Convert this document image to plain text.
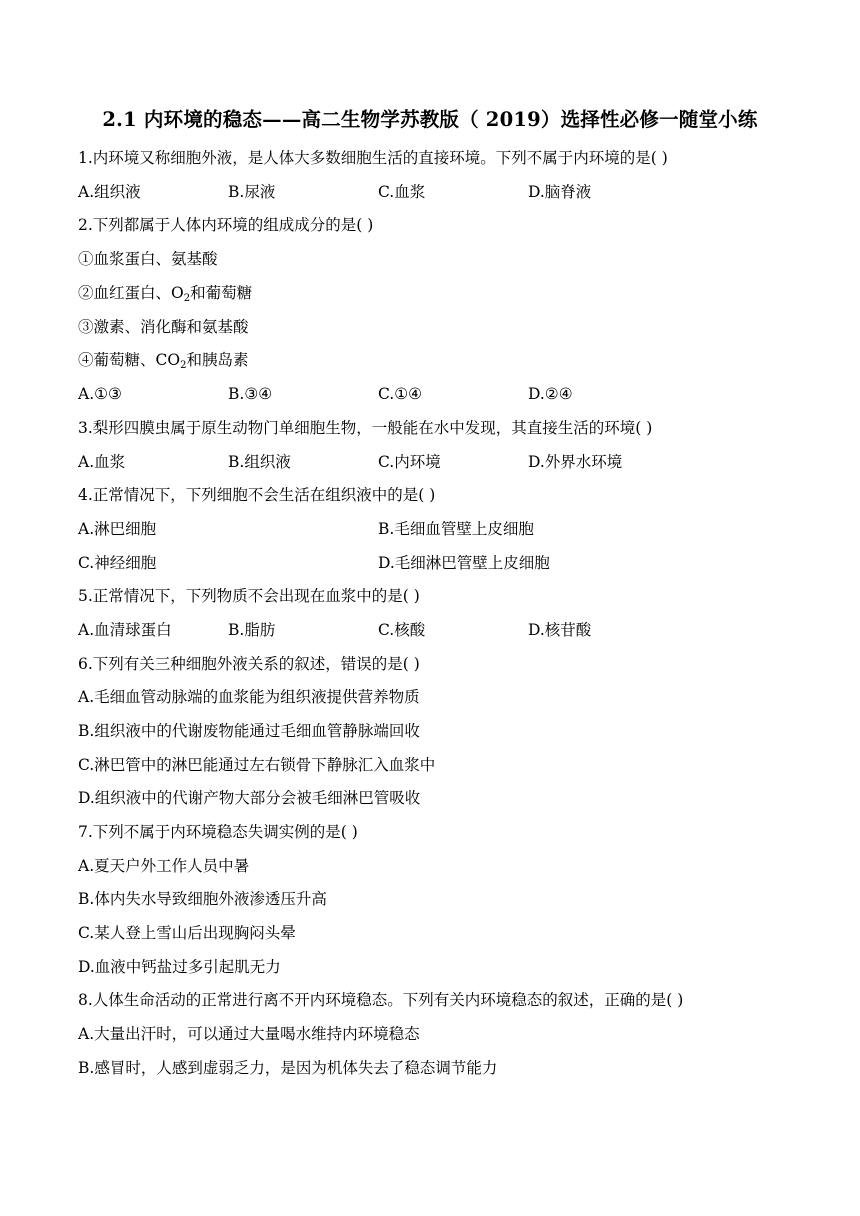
2.1 内环境的稳态——高二生物学苏教版（ 2019）选择性必修一随堂小练
1.内环境又称细胞外液，是人体大多数细胞生活的直接环境。下列不属于内环境的是( )
A.组织液	B.尿液	C.血浆	D.脑脊液
2.下列都属于人体内环境的组成成分的是( )
①血浆蛋白、氨基酸
②血红蛋白、$O_2$和葡萄糖
③激素、消化酶和氨基酸
④葡萄糖、$CO_2$和胰岛素
A.①③	B.③④	C.①④	D.②④
3.梨形四膜虫属于原生动物门单细胞生物，一般能在水中发现，其直接生活的环境( )
A.血浆	B.组织液	C.内环境	D.外界水环境
4.正常情况下，下列细胞不会生活在组织液中的是( )
A.淋巴细胞	B.毛细血管壁上皮细胞
C.神经细胞	D.毛细淋巴管壁上皮细胞
5.正常情况下，下列物质不会出现在血浆中的是( )
A.血清球蛋白	B.脂肪	C.核酸	D.核苷酸
6.下列有关三种细胞外液关系的叙述，错误的是( )
A.毛细血管动脉端的血浆能为组织液提供营养物质
B.组织液中的代谢废物能通过毛细血管静脉端回收
C.淋巴管中的淋巴能通过左右锁骨下静脉汇入血浆中
D.组织液中的代谢产物大部分会被毛细淋巴管吸收
7.下列不属于内环境稳态失调实例的是( )
A.夏天户外工作人员中暑
B.体内失水导致细胞外液渗透压升高
C.某人登上雪山后出现胸闷头晕
D.血液中钙盐过多引起肌无力
8.人体生命活动的正常进行离不开内环境稳态。下列有关内环境稳态的叙述，正确的是( )
A.大量出汗时，可以通过大量喝水维持内环境稳态
B.感冒时，人感到虚弱乏力，是因为机体失去了稳态调节能力
